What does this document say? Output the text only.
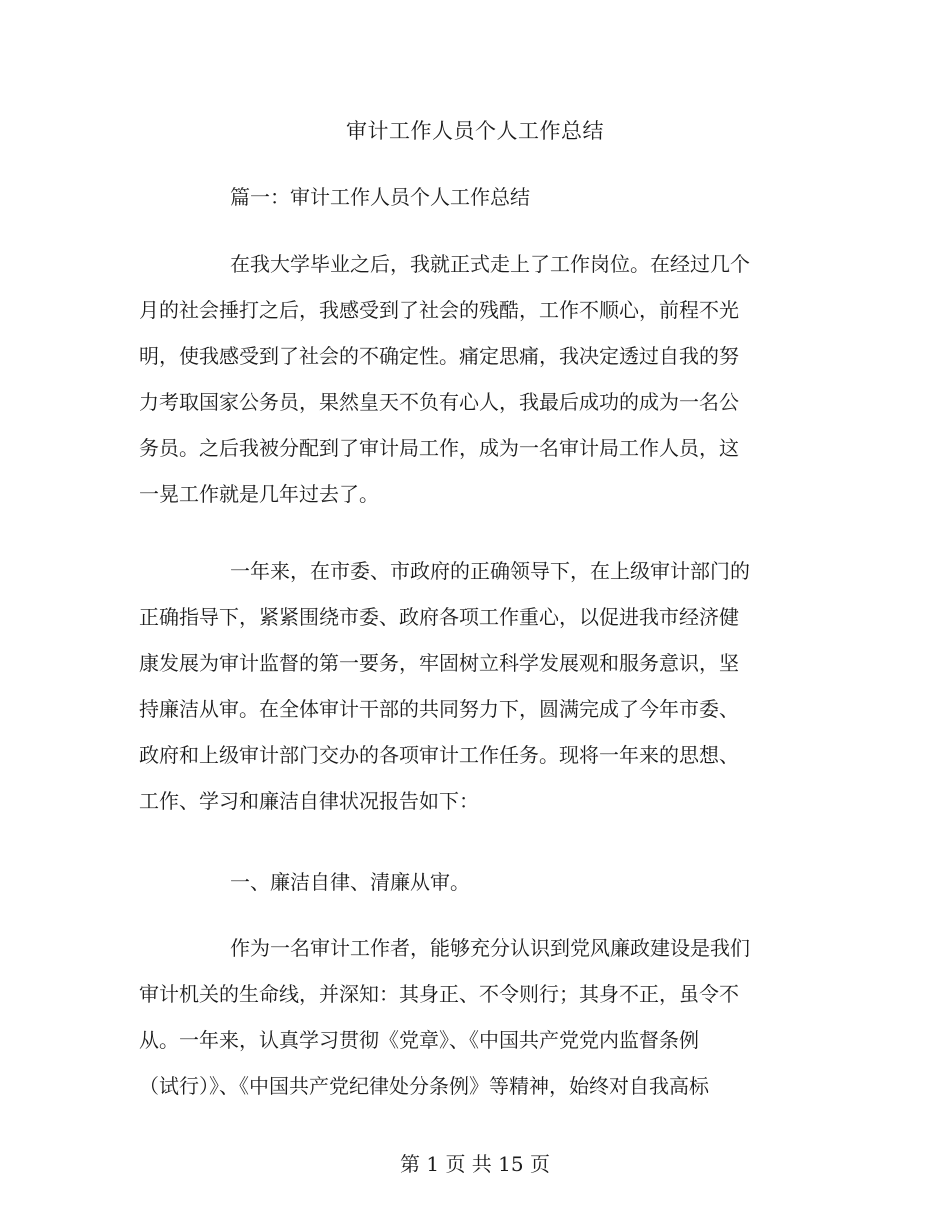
审计工作人员个人工作总结
篇一：审计工作人员个人工作总结
在我大学毕业之后，我就正式走上了工作岗位。在经过几个
月的社会捶打之后，我感受到了社会的残酷，工作不顺心，前程不光
明，使我感受到了社会的不确定性。痛定思痛，我决定透过自我的努
力考取国家公务员，果然皇天不负有心人，我最后成功的成为一名公
务员。之后我被分配到了审计局工作，成为一名审计局工作人员，这
一晃工作就是几年过去了。
一年来，在市委、市政府的正确领导下，在上级审计部门的
正确指导下，紧紧围绕市委、政府各项工作重心，以促进我市经济健
康发展为审计监督的第一要务，牢固树立科学发展观和服务意识，坚
持廉洁从审。在全体审计干部的共同努力下，圆满完成了今年市委、
政府和上级审计部门交办的各项审计工作任务。现将一年来的思想、
工作、学习和廉洁自律状况报告如下：
一、廉洁自律、清廉从审。
作为一名审计工作者，能够充分认识到党风廉政建设是我们
审计机关的生命线，并深知：其身正、不令则行；其身不正，虽令不
从。一年来，认真学习贯彻《党章》、《中国共产党党内监督条例
（试行）》、《中国共产党纪律处分条例》等精神，始终对自我高标
第 1 页 共 15 页
